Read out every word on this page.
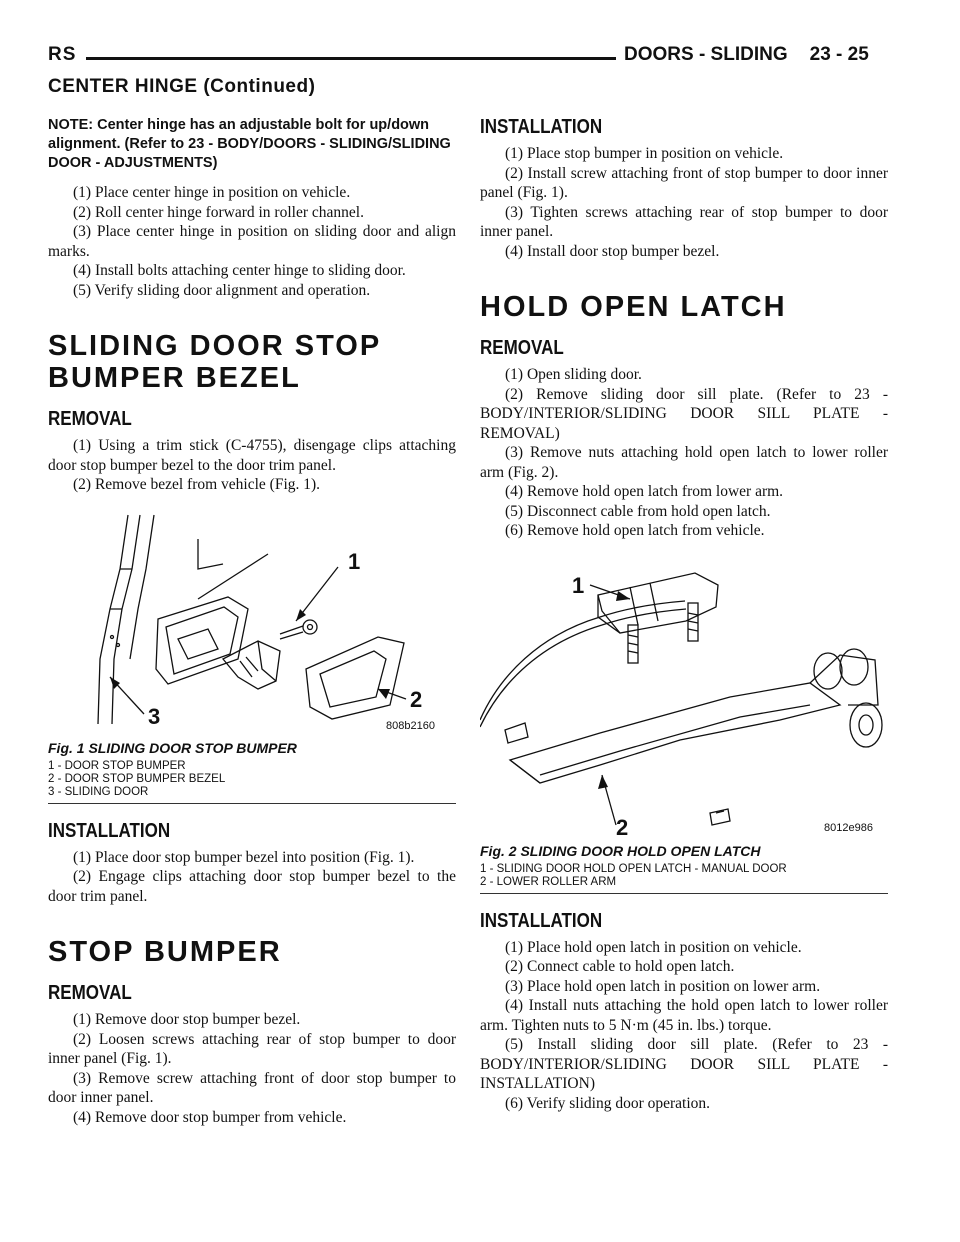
RS	DOORS - SLIDING 23 - 25
CENTER HINGE (Continued)
NOTE: Center hinge has an adjustable bolt for up/down alignment. (Refer to 23 - BODY/DOORS - SLIDING/SLIDING DOOR - ADJUSTMENTS)

(1) Place center hinge in position on vehicle.

(2) Roll center hinge forward in roller channel.

(3) Place center hinge in position on sliding door and align marks.

(4) Install bolts attaching center hinge to sliding door.

(5) Verify sliding door alignment and operation.

SLIDING DOOR STOP BUMPER BEZEL
REMOVAL

(1) Using a trim stick (C-4755), disengage clips attaching door stop bumper bezel to the door trim panel.

(2) Remove bezel from vehicle (Fig. 1).

1
2
3	808b2160
Fig. 1 SLIDING DOOR STOP BUMPER
1 - DOOR STOP BUMPER
2 - DOOR STOP BUMPER BEZEL
3 - SLIDING DOOR
INSTALLATION

(1) Place door stop bumper bezel into position (Fig. 1).

(2) Engage clips attaching door stop bumper bezel to the door trim panel.

STOP BUMPER
REMOVAL

(1) Remove door stop bumper bezel.

(2) Loosen screws attaching rear of stop bumper to door inner panel (Fig. 1).

(3) Remove screw attaching front of door stop bumper to door inner panel.

(4) Remove door stop bumper from vehicle.

INSTALLATION

(1) Place stop bumper in position on vehicle.

(2) Install screw attaching front of stop bumper to door inner panel (Fig. 1).

(3) Tighten screws attaching rear of stop bumper to door inner panel.

(4) Install door stop bumper bezel.

HOLD OPEN LATCH
REMOVAL

(1) Open sliding door.

(2) Remove sliding door sill plate. (Refer to 23 - BODY/INTERIOR/SLIDING DOOR SILL PLATE - REMOVAL)

(3) Remove nuts attaching hold open latch to lower roller arm (Fig. 2).

(4) Remove hold open latch from lower arm.

(5) Disconnect cable from hold open latch.

(6) Remove hold open latch from vehicle.

1
2	8012e986
Fig. 2 SLIDING DOOR HOLD OPEN LATCH
1 - SLIDING DOOR HOLD OPEN LATCH - MANUAL DOOR
2 - LOWER ROLLER ARM
INSTALLATION

(1) Place hold open latch in position on vehicle.

(2) Connect cable to hold open latch.

(3) Place hold open latch in position on lower arm.

(4) Install nuts attaching the hold open latch to lower roller arm. Tighten nuts to 5 N·m (45 in. lbs.) torque.

(5) Install sliding door sill plate. (Refer to 23 - BODY/INTERIOR/SLIDING DOOR SILL PLATE - INSTALLATION)

(6) Verify sliding door operation.
